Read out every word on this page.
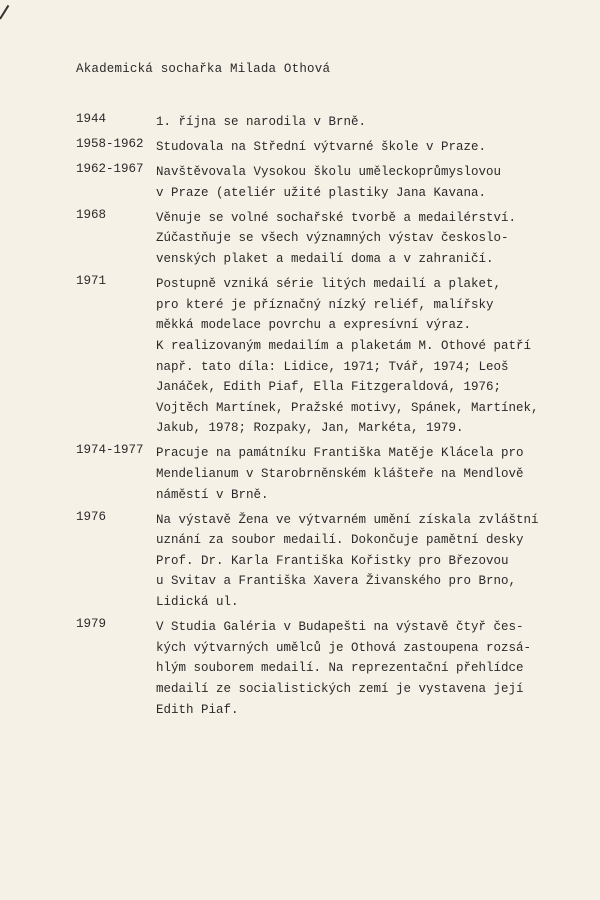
Akademická sochařka Milada Othová
1944	1. října se narodila v Brně.
1958-1962 Studovala na Střední výtvarné škole v Praze.
1962-1967 Navštěvovala Vysokou školu uměleckoprůmyslovou
v Praze (ateliér užité plastiky Jana Kavana.
1968	Věnuje se volné sochařské tvorbě a medailérství.
Zúčastňuje se všech významných výstav českoslo-
venských plaket a medailí doma a v zahraničí.
1971	Postupně vzniká série litých medailí a plaket,
pro které je příznačný nízký reliéf, malířsky
měkká modelace povrchu a expresívní výraz.
K realizovaným medailím a plaketám M. Othové patří
např. tato díla: Lidice, 1971; Tvář, 1974; Leoš
Janáček, Edith Piaf, Ella Fitzgeraldová, 1976;
Vojtěch Martínek, Pražské motivy, Spánek, Martínek,
Jakub, 1978; Rozpaky, Jan, Markéta, 1979.
1974-1977 Pracuje na památníku Františka Matěje Klácela pro
Mendelianum v Starobrněnském klášteře na Mendlově
náměstí v Brně.
1976	Na výstavě Žena ve výtvarném umění získala zvláštní
uznání za soubor medailí. Dokončuje pamětní desky
Prof. Dr. Karla Františka Kořistky pro Březovou
u Svitav a Františka Xavera Živanského pro Brno,
Lidická ul.
1979	V Studia Galéria v Budapešti na výstavě čtyř čes-
kých výtvarných umělců je Othová zastoupena rozsá-
hlým souborem medailí. Na reprezentační přehlídce
medailí ze socialistických zemí je vystavena její
Edith Piaf.
